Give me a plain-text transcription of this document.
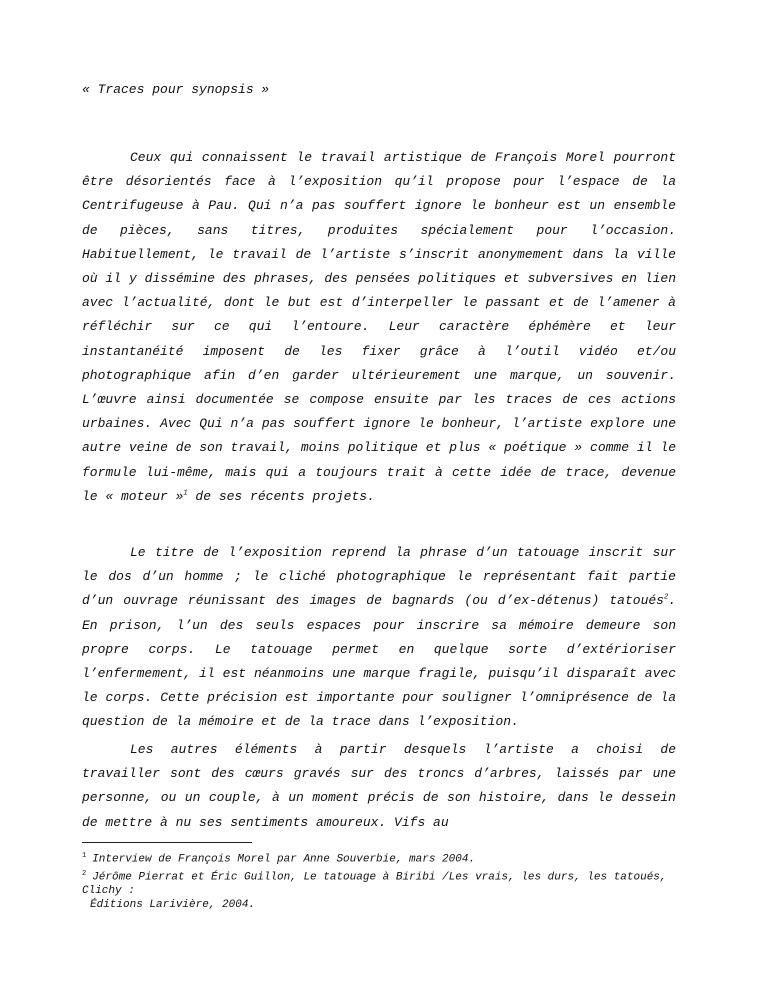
« Traces pour synopsis »

Ceux qui connaissent le travail artistique de François Morel pourront être désorientés face à l’exposition qu’il propose pour l’espace de la Centrifugeuse à Pau. Qui n’a pas souffert ignore le bonheur est un ensemble de pièces, sans titres, produites spécialement pour l’occasion. Habituellement, le travail de l’artiste s’inscrit anonymement dans la ville où il y dissémine des phrases, des pensées politiques et subversives en lien avec l’actualité, dont le but est d’interpeller le passant et de l’amener à réfléchir sur ce qui l’entoure. Leur caractère éphémère et leur instantanéité imposent de les fixer grâce à l’outil vidéo et/ou photographique afin d’en garder ultérieurement une marque, un souvenir. L’œuvre ainsi documentée se compose ensuite par les traces de ces actions urbaines. Avec Qui n’a pas souffert ignore le bonheur, l’artiste explore une autre veine de son travail, moins politique et plus « poétique » comme il le formule lui-même, mais qui a toujours trait à cette idée de trace, devenue le « moteur »$^1$ de ses récents projets.

Le titre de l’exposition reprend la phrase d’un tatouage inscrit sur le dos d’un homme ; le cliché photographique le représentant fait partie d’un ouvrage réunissant des images de bagnards (ou d’ex-détenus) tatoués$^2$. En prison, l’un des seuls espaces pour inscrire sa mémoire demeure son propre corps. Le tatouage permet en quelque sorte d’extérioriser l’enfermement, il est néanmoins une marque fragile, puisqu’il disparaît avec le corps. Cette précision est importante pour souligner l’omniprésence de la question de la mémoire et de la trace dans l’exposition.

Les autres éléments à partir desquels l’artiste a choisi de travailler sont des cœurs gravés sur des troncs d’arbres, laissés par une personne, ou un couple, à un moment précis de son histoire, dans le dessein de mettre à nu ses sentiments amoureux. Vifs au

$^1$ Interview de François Morel par Anne Souverbie, mars 2004.

$^2$ Jérôme Pierrat et Éric Guillon, Le tatouage à Biribi /Les vrais, les durs, les tatoués, Clichy :

Éditions Larivière, 2004.
